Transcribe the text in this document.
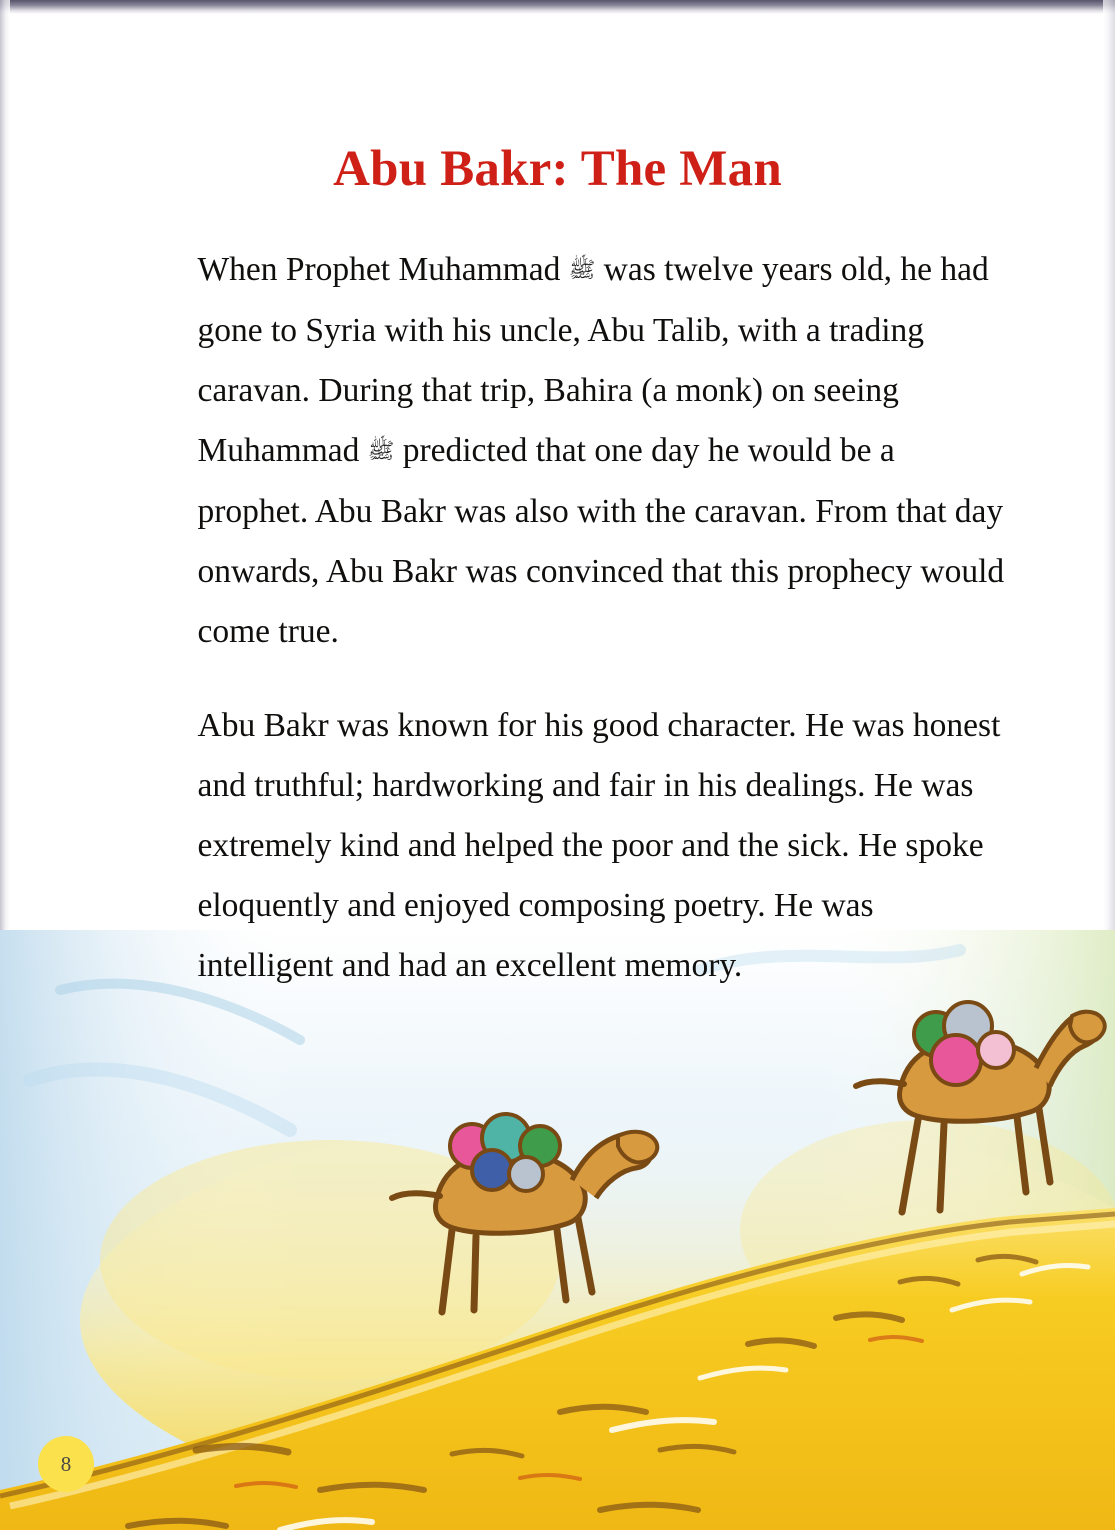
Abu Bakr: The Man

When Prophet Muhammad ﷺ was twelve years old, he had gone to Syria with his uncle, Abu Talib, with a trading caravan. During that trip, Bahira (a monk) on seeing Muhammad ﷺ predicted that one day he would be a prophet. Abu Bakr was also with the caravan. From that day onwards, Abu Bakr was convinced that this prophecy would come true.

Abu Bakr was known for his good character. He was honest and truthful; hardworking and fair in his dealings. He was extremely kind and helped the poor and the sick. He spoke eloquently and enjoyed composing poetry. He was intelligent and had an excellent memory.

8
